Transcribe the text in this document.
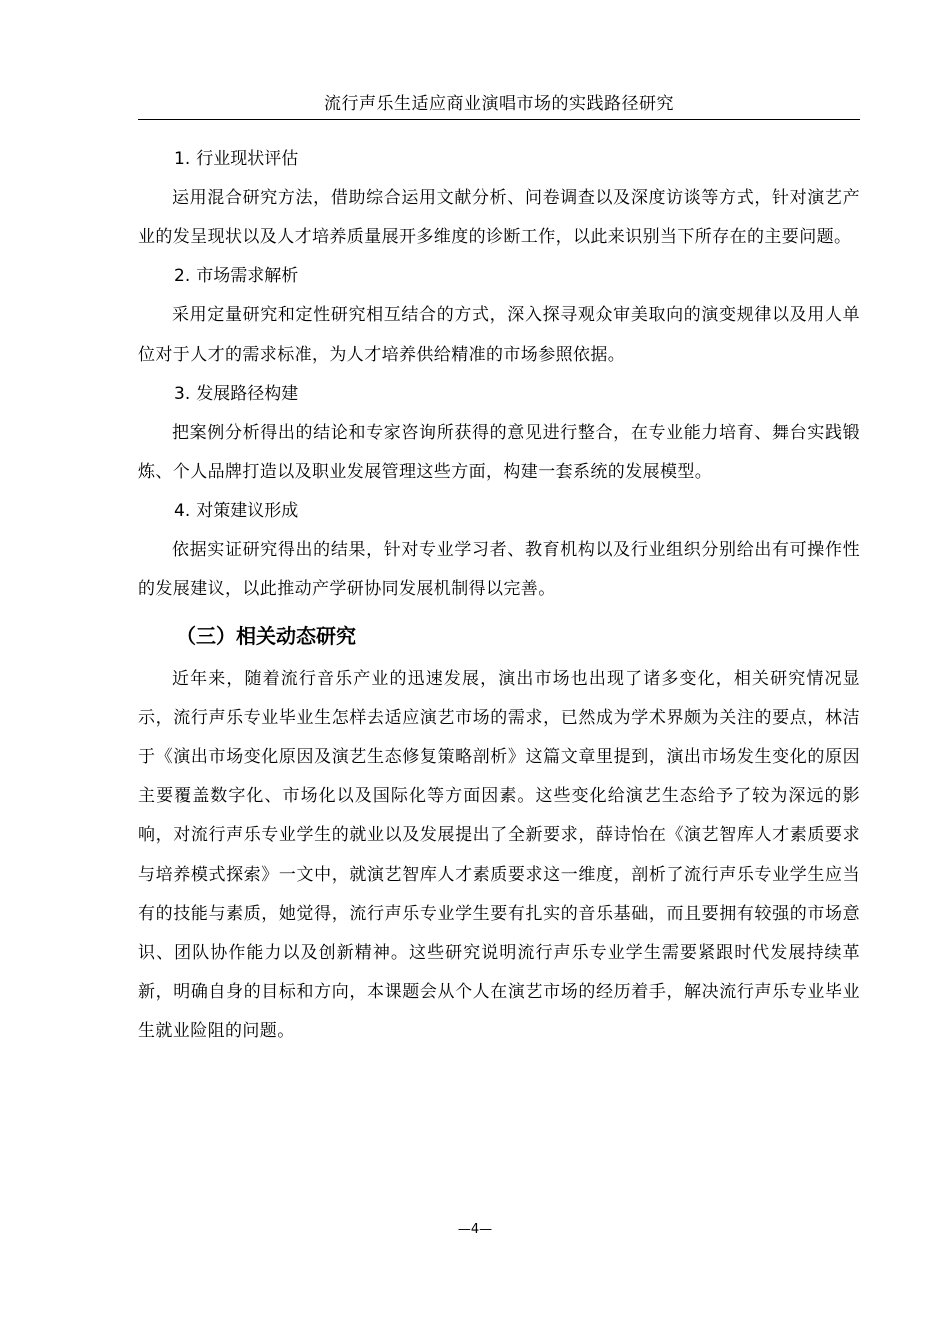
流行声乐生适应商业演唱市场的实践路径研究
1. 行业现状评估

运用混合研究方法，借助综合运用文献分析、问卷调查以及深度访谈等方式，针对演艺产业的发呈现状以及人才培养质量展开多维度的诊断工作，以此来识别当下所存在的主要问题。

2. 市场需求解析

采用定量研究和定性研究相互结合的方式，深入探寻观众审美取向的演变规律以及用人单位对于人才的需求标准，为人才培养供给精准的市场参照依据。

3. 发展路径构建

把案例分析得出的结论和专家咨询所获得的意见进行整合，在专业能力培育、舞台实践锻炼、个人品牌打造以及职业发展管理这些方面，构建一套系统的发展模型。

4. 对策建议形成

依据实证研究得出的结果，针对专业学习者、教育机构以及行业组织分别给出有可操作性的发展建议，以此推动产学研协同发展机制得以完善。

（三）相关动态研究

近年来，随着流行音乐产业的迅速发展，演出市场也出现了诸多变化，相关研究情况显示，流行声乐专业毕业生怎样去适应演艺市场的需求，已然成为学术界颇为关注的要点，林洁于《演出市场变化原因及演艺生态修复策略剖析》这篇文章里提到，演出市场发生变化的原因主要覆盖数字化、市场化以及国际化等方面因素。这些变化给演艺生态给予了较为深远的影响，对流行声乐专业学生的就业以及发展提出了全新要求，薛诗怡在《演艺智库人才素质要求与培养模式探索》一文中，就演艺智库人才素质要求这一维度，剖析了流行声乐专业学生应当有的技能与素质，她觉得，流行声乐专业学生要有扎实的音乐基础，而且要拥有较强的市场意识、团队协作能力以及创新精神。这些研究说明流行声乐专业学生需要紧跟时代发展持续革新，明确自身的目标和方向，本课题会从个人在演艺市场的经历着手，解决流行声乐专业毕业生就业险阻的问题。

—4—
